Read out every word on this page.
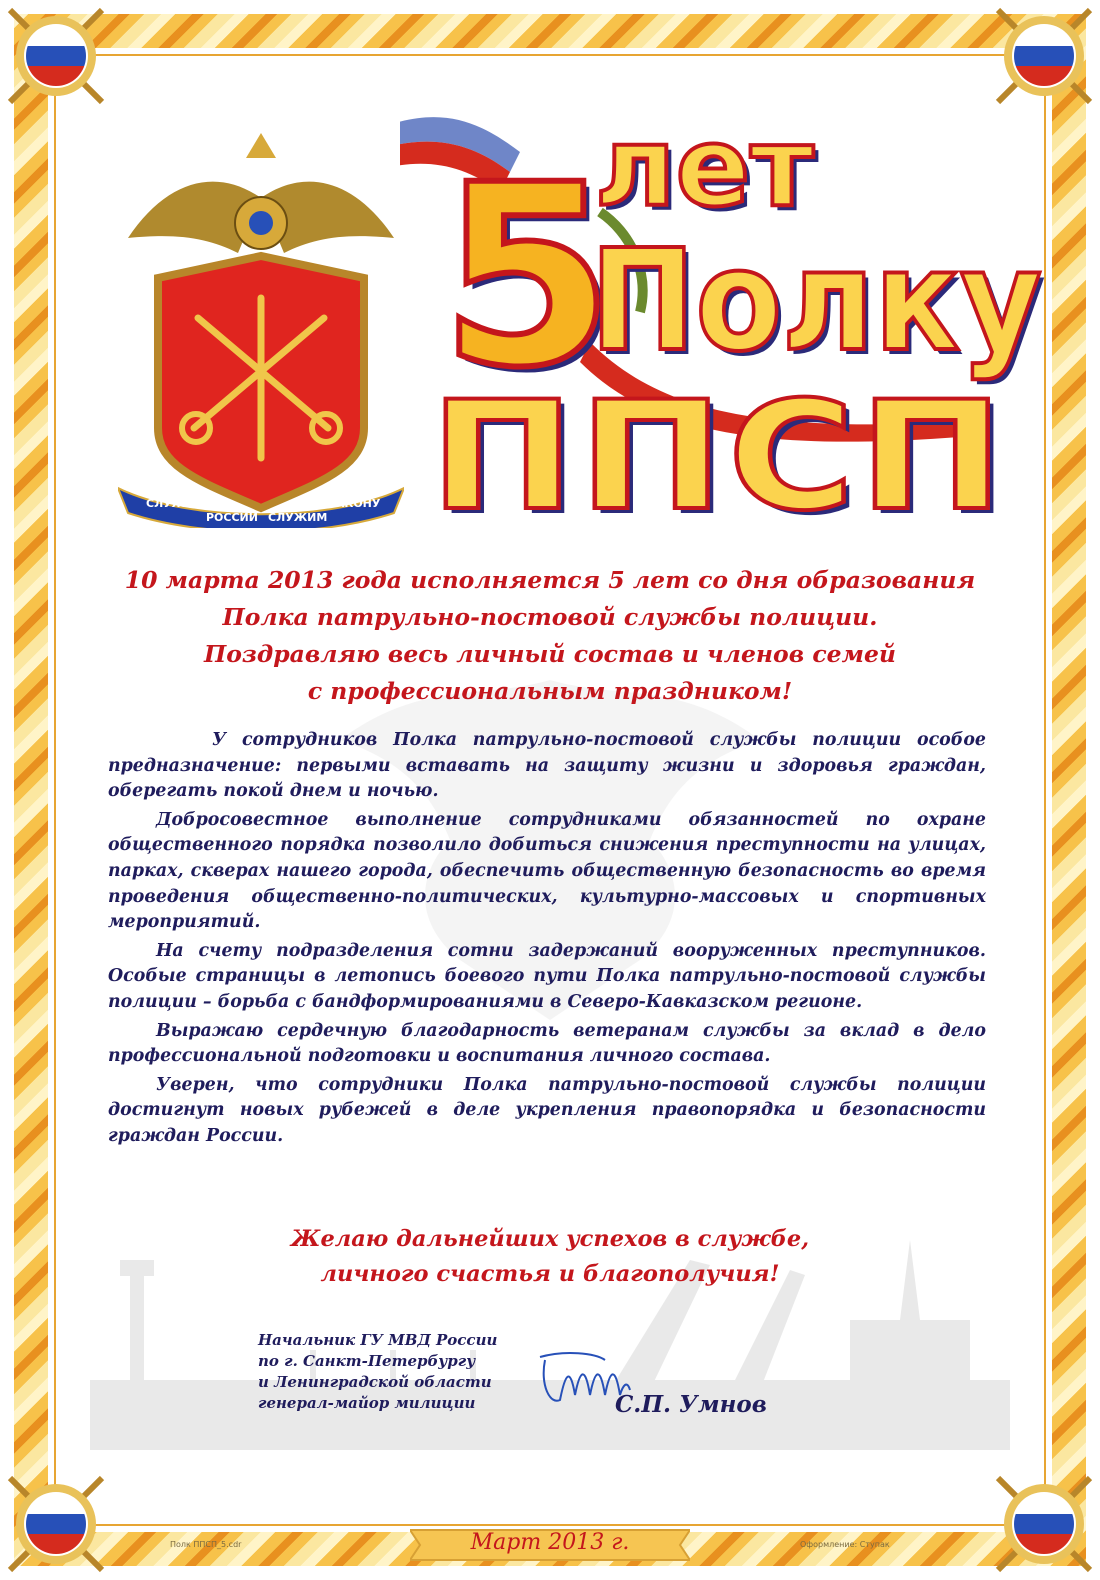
СЛУЖИМ
РОССИИ СЛУЖИМ
ЗАКОНУ
5
лет
Полку
ППСП
10 марта 2013 года исполняется 5 лет со дня образования
Полка патрульно-постовой службы полиции.
Поздравляю весь личный состав и членов семей
с профессиональным праздником!

У сотрудников Полка патрульно-постовой службы полиции особое предназначение: первыми вставать на защиту жизни и здоровья граждан, оберегать покой днем и ночью.

Добросовестное выполнение сотрудниками обязанностей по охране общественного порядка позволило добиться снижения преступности на улицах, парках, скверах нашего города, обеспечить общественную безопасность во время проведения общественно-политических, культурно-массовых и спортивных мероприятий.

На счету подразделения сотни задержаний вооруженных преступников. Особые страницы в летопись боевого пути Полка патрульно-постовой службы полиции – борьба с бандформированиями в Северо-Кавказском регионе.

Выражаю сердечную благодарность ветеранам службы за вклад в дело профессиональной подготовки и воспитания личного состава.

Уверен, что сотрудники Полка патрульно-постовой службы полиции достигнут новых рубежей в деле укрепления правопорядка и безопасности граждан России.

Желаю дальнейших успехов в службе,
личного счастья и благополучия!
Начальник ГУ МВД России
по г. Санкт-Петербургу
и Ленинградской области
генерал-майор милиции	С.П. Умнов
Март 2013 г.
Полк ППСП_5.cdr	Оформление: Ступак
